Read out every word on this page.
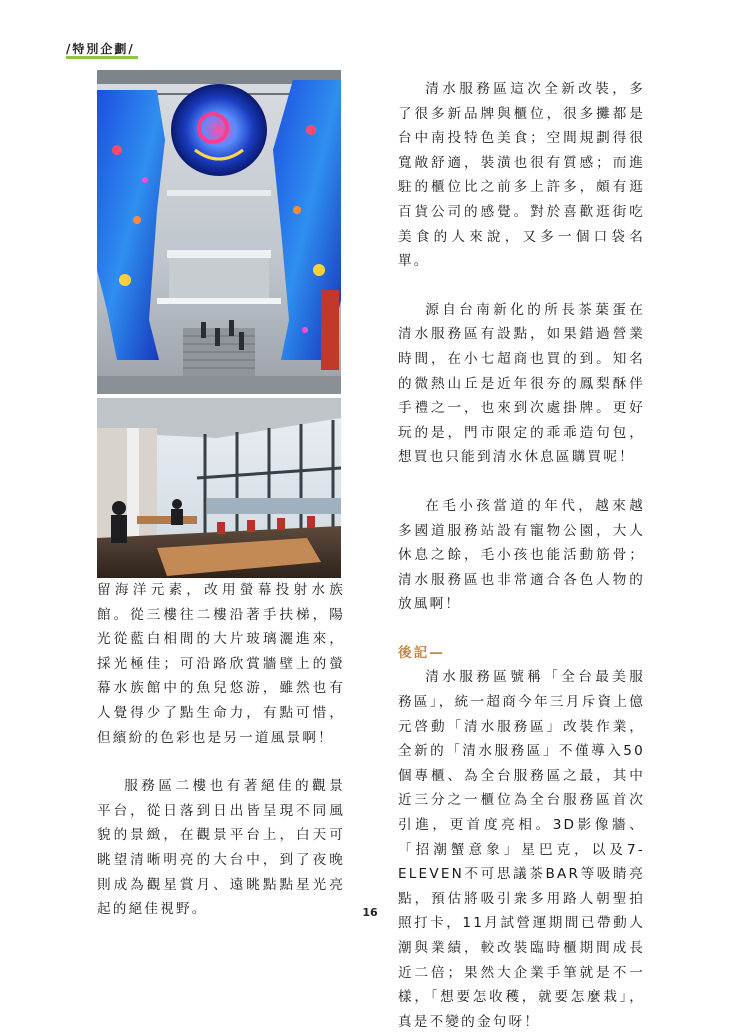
/特別企劃/

留海洋元素，改用螢幕投射水族館。從三樓往二樓沿著手扶梯，陽光從藍白相間的大片玻璃灑進來，採光極佳；可沿路欣賞牆壁上的螢幕水族館中的魚兒悠游，雖然也有人覺得少了點生命力，有點可惜，但繽紛的色彩也是另一道風景啊！

服務區二樓也有著絕佳的觀景平台，從日落到日出皆呈現不同風貌的景緻，在觀景平台上，白天可眺望清晰明亮的大台中，到了夜晚則成為觀星賞月、遠眺點點星光亮起的絕佳視野。

清水服務區這次全新改裝，多了很多新品牌與櫃位，很多攤都是台中南投特色美食；空間規劃得很寬敞舒適，裝潢也很有質感；而進駐的櫃位比之前多上許多，頗有逛百貨公司的感覺。對於喜歡逛街吃美食的人來說，又多一個口袋名單。

源自台南新化的所長茶葉蛋在清水服務區有設點，如果錯過營業時間，在小七超商也買的到。知名的微熱山丘是近年很夯的鳳梨酥伴手禮之一，也來到次處掛牌。更好玩的是，門市限定的乖乖造句包，想買也只能到清水休息區購買呢！

在毛小孩當道的年代，越來越多國道服務站設有寵物公園，大人休息之餘，毛小孩也能活動筋骨；清水服務區也非常適合各色人物的放風啊！

後記—

清水服務區號稱「全台最美服務區」，統一超商今年三月斥資上億元啓動「清水服務區」改裝作業，全新的「清水服務區」不僅導入50個專櫃、為全台服務區之最，其中近三分之一櫃位為全台服務區首次引進，更首度亮相。3D影像牆、「招潮蟹意象」星巴克，以及7-ELEVEN不可思議茶BAR等吸睛亮點，預估將吸引衆多用路人朝聖拍照打卡，11月試營運期間已帶動人潮與業績，較改裝臨時櫃期間成長近二倍；果然大企業手筆就是不一樣，「想要怎收穫，就要怎麼栽」，真是不變的金句呀！

16
